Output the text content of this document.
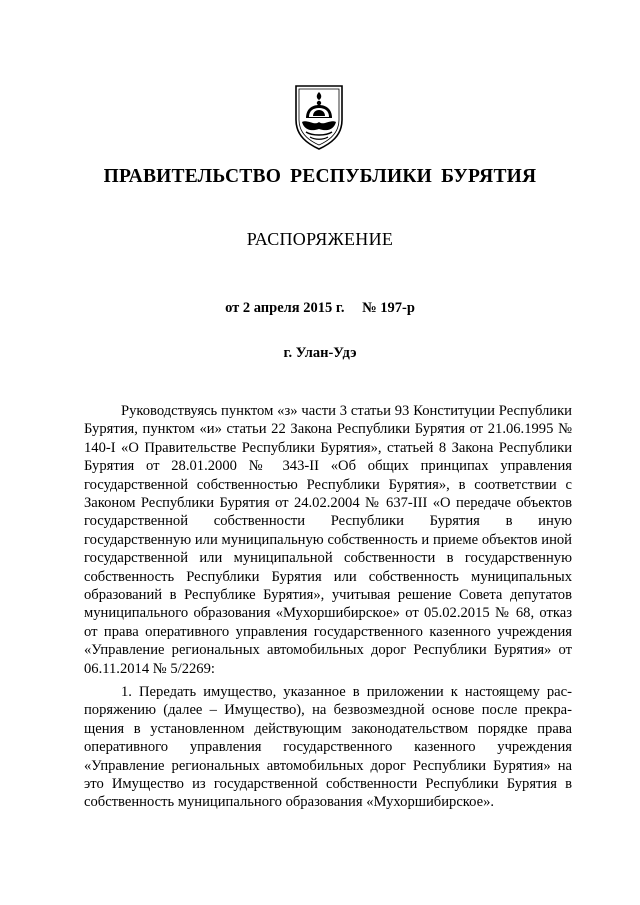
ПРАВИТЕЛЬСТВО РЕСПУБЛИКИ БУРЯТИЯ
РАСПОРЯЖЕНИЕ
от 2 апреля 2015 г. № 197-р
г. Улан-Удэ

Руководствуясь пунктом «з» части 3 статьи 93 Конституции Республики Бурятия, пунктом «и» статьи 22 Закона Республики Бурятия от 21.06.1995 № 140-I «О Правительстве Республики Бурятия», статьей 8 Закона Республики Бурятия от 28.01.2000 № 343-II «Об общих принципах управления государственной собственностью Республики Бурятия», в соответствии с Законом Республики Бурятия от 24.02.2004 № 637-III «О передаче объектов государственной собственности Республики Бурятия в иную государственную или муниципальную собственность и приеме объектов иной государственной или муниципальной собственности в государственную собственность Республики Бурятия или собственность муниципальных образований в Республике Бурятия», учитывая решение Совета депутатов муниципального образования «Мухоршибирское» от 05.02.2015 № 68, отказ от права оперативного управления государственного казенного учреждения «Управление региональных автомобильных дорог Республики Бурятия» от 06.11.2014 № 5/2269:

1. Передать имущество, указанное в приложении к настоящему распоряжению (далее – Имущество), на безвозмездной основе после прекращения в установленном действующим законодательством порядке права оперативного управления государственного казенного учреждения «Управление региональных автомобильных дорог Республики Бурятия» на это Имущество из государственной собственности Республики Бурятия в собственность муниципального образования «Мухоршибирское».
